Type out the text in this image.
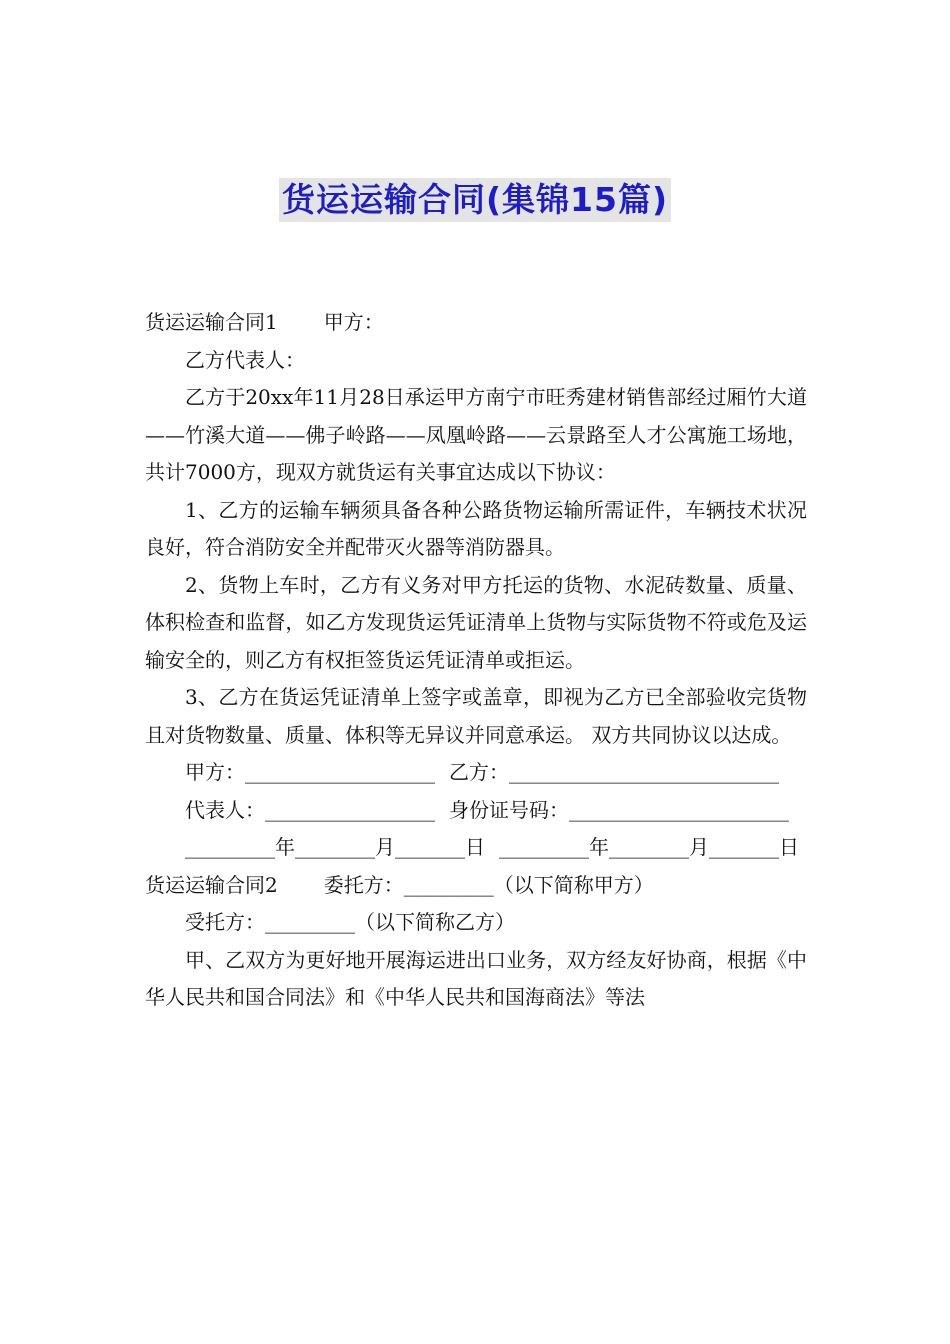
货运运输合同(集锦15篇)

货运运输合同1 甲方：

乙方代表人：

乙方于20xx年11月28日承运甲方南宁市旺秀建材销售部经过厢竹大道——竹溪大道——佛子岭路——凤凰岭路——云景路至人才公寓施工场地，共计7000方，现双方就货运有关事宜达成以下协议：

1、乙方的运输车辆须具备各种公路货物运输所需证件，车辆技术状况良好，符合消防安全并配带灭火器等消防器具。

2、货物上车时，乙方有义务对甲方托运的货物、水泥砖数量、质量、体积检查和监督，如乙方发现货运凭证清单上货物与实际货物不符或危及运输安全的，则乙方有权拒签货运凭证清单或拒运。

3、乙方在货运凭证清单上签字或盖章，即视为乙方已全部验收完货物且对货物数量、质量、体积等无异议并同意承运。 双方共同协议以达成。

甲方：___________________ 乙方：___________________________

代表人：_________________ 身份证号码：______________________

_________年________月_______日 _________年________月_______日

货运运输合同2 委托方：_________（以下简称甲方）

受托方：_________（以下简称乙方）

甲、乙双方为更好地开展海运进出口业务，双方经友好协商，根据《中华人民共和国合同法》和《中华人民共和国海商法》等法
